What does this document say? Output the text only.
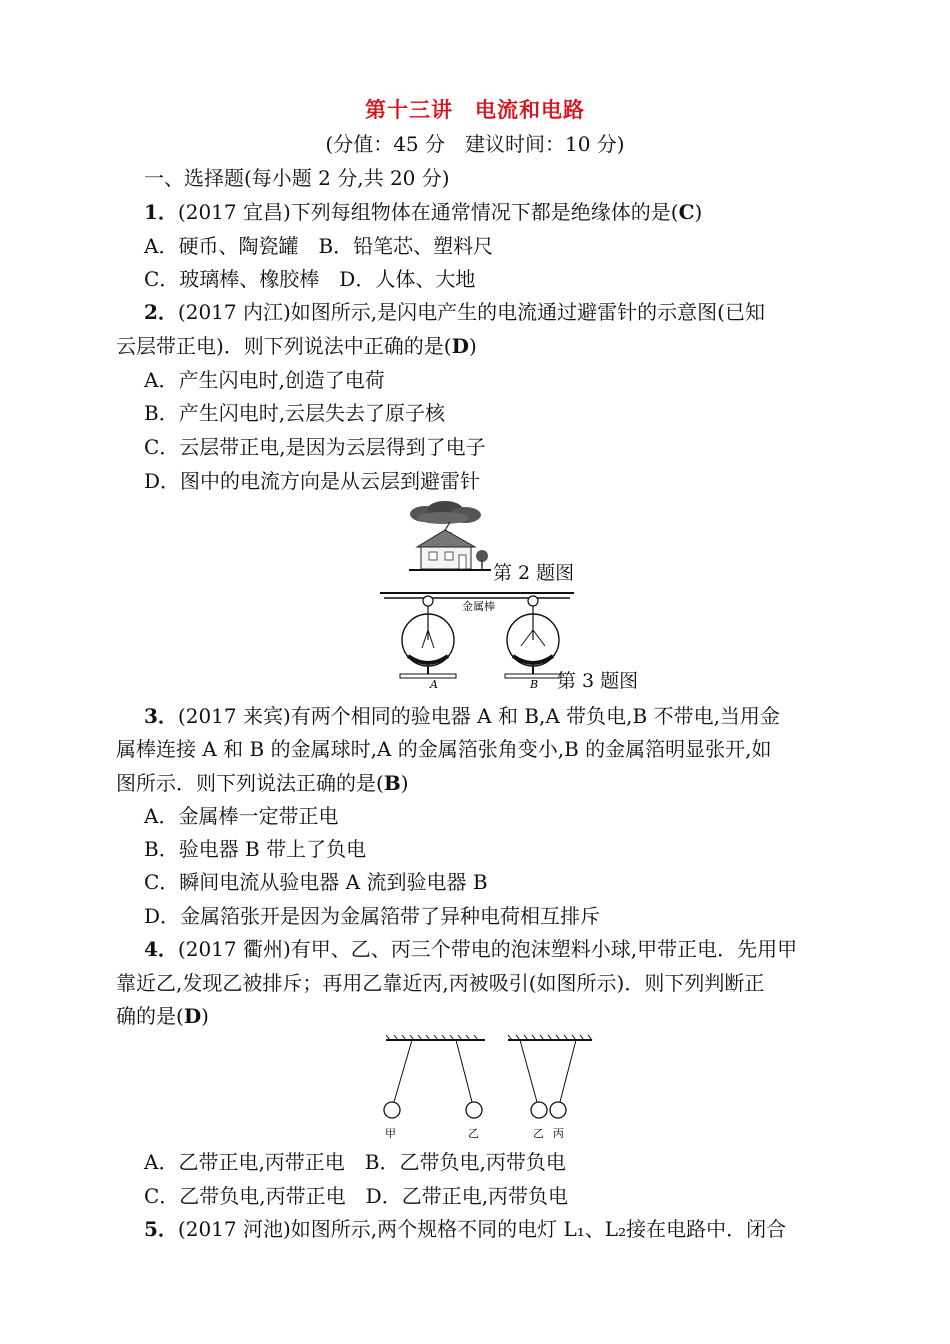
第十三讲　电流和电路
(分值：45 分　建议时间：10 分)
一、选择题(每小题 2 分,共 20 分)
1．(2017 宜昌)下列每组物体在通常情况下都是绝缘体的是(C)
A．硬币、陶瓷罐　B．铅笔芯、塑料尺
C．玻璃棒、橡胶棒　D．人体、大地
2．(2017 内江)如图所示,是闪电产生的电流通过避雷针的示意图(已知
云层带正电)．则下列说法中正确的是(D)
A．产生闪电时,创造了电荷
B．产生闪电时,云层失去了原子核
C．云层带正电,是因为云层得到了电子
D．图中的电流方向是从云层到避雷针
第 2 题图
金属棒
A	B 第 3 题图
3．(2017 来宾)有两个相同的验电器 A 和 B,A 带负电,B 不带电,当用金
属棒连接 A 和 B 的金属球时,A 的金属箔张角变小,B 的金属箔明显张开,如
图所示．则下列说法正确的是(B)
A．金属棒一定带正电
B．验电器 B 带上了负电
C．瞬间电流从验电器 A 流到验电器 B
D．金属箔张开是因为金属箔带了异种电荷相互排斥
4．(2017 衢州)有甲、乙、丙三个带电的泡沫塑料小球,甲带正电．先用甲
靠近乙,发现乙被排斥；再用乙靠近丙,丙被吸引(如图所示)．则下列判断正
确的是(D)
甲	乙	乙 丙
A．乙带正电,丙带正电　B．乙带负电,丙带负电
C．乙带负电,丙带正电　D．乙带正电,丙带负电
5．(2017 河池)如图所示,两个规格不同的电灯 L₁、L₂接在电路中．闭合
